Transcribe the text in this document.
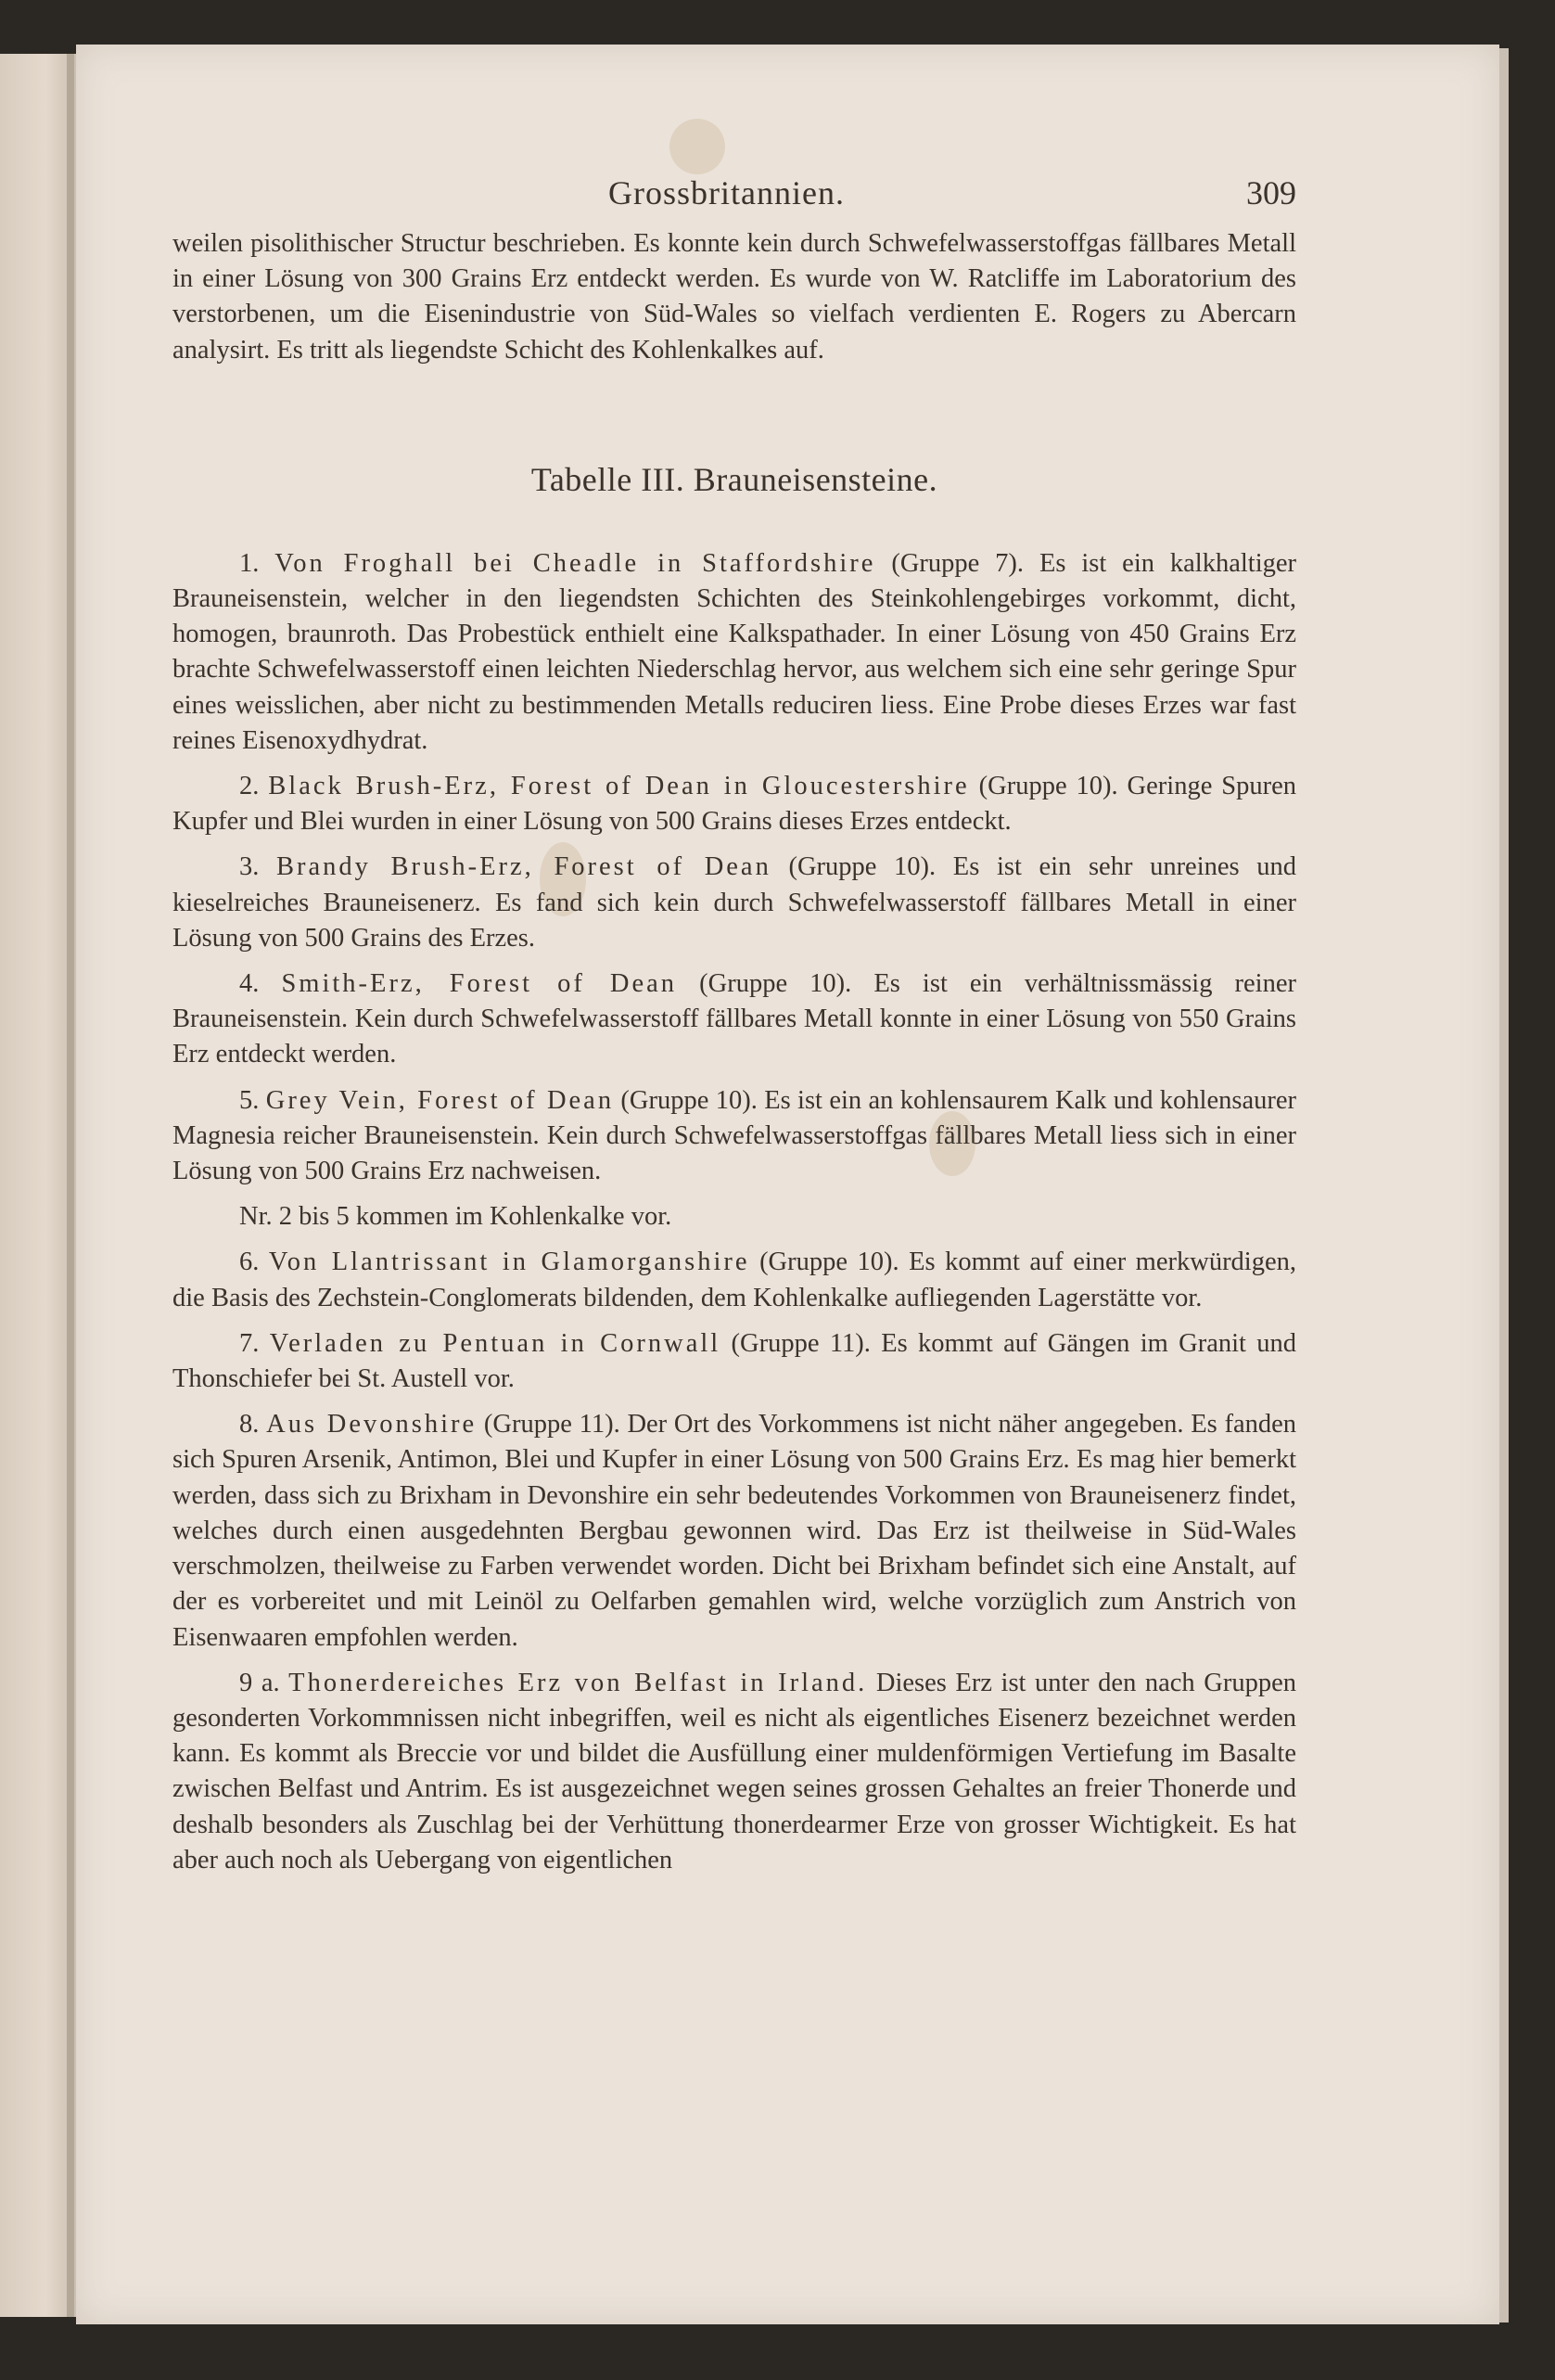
Grossbritannien.	309

weilen pisolithischer Structur beschrieben. Es konnte kein durch Schwefelwasserstoffgas fällbares Metall in einer Lösung von 300 Grains Erz entdeckt werden. Es wurde von W. Ratcliffe im Laboratorium des verstorbenen, um die Eisenindustrie von Süd-Wales so vielfach verdienten E. Rogers zu Abercarn analysirt. Es tritt als liegendste Schicht des Kohlenkalkes auf.

Tabelle III. Brauneisensteine.

1. Von Froghall bei Cheadle in Staffordshire (Gruppe 7). Es ist ein kalkhaltiger Brauneisenstein, welcher in den liegendsten Schichten des Steinkohlengebirges vorkommt, dicht, homogen, braunroth. Das Probestück enthielt eine Kalkspathader. In einer Lösung von 450 Grains Erz brachte Schwefelwasserstoff einen leichten Niederschlag hervor, aus welchem sich eine sehr geringe Spur eines weisslichen, aber nicht zu bestimmenden Metalls reduciren liess. Eine Probe dieses Erzes war fast reines Eisenoxydhydrat.

2. Black Brush-Erz, Forest of Dean in Gloucestershire (Gruppe 10). Geringe Spuren Kupfer und Blei wurden in einer Lösung von 500 Grains dieses Erzes entdeckt.

3. Brandy Brush-Erz, Forest of Dean (Gruppe 10). Es ist ein sehr unreines und kieselreiches Brauneisenerz. Es fand sich kein durch Schwefelwasserstoff fällbares Metall in einer Lösung von 500 Grains des Erzes.

4. Smith-Erz, Forest of Dean (Gruppe 10). Es ist ein verhältnissmässig reiner Brauneisenstein. Kein durch Schwefelwasserstoff fällbares Metall konnte in einer Lösung von 550 Grains Erz entdeckt werden.

5. Grey Vein, Forest of Dean (Gruppe 10). Es ist ein an kohlensaurem Kalk und kohlensaurer Magnesia reicher Brauneisenstein. Kein durch Schwefelwasserstoffgas fällbares Metall liess sich in einer Lösung von 500 Grains Erz nachweisen.

Nr. 2 bis 5 kommen im Kohlenkalke vor.

6. Von Llantrissant in Glamorganshire (Gruppe 10). Es kommt auf einer merkwürdigen, die Basis des Zechstein-Conglomerats bildenden, dem Kohlenkalke aufliegenden Lagerstätte vor.

7. Verladen zu Pentuan in Cornwall (Gruppe 11). Es kommt auf Gängen im Granit und Thonschiefer bei St. Austell vor.

8. Aus Devonshire (Gruppe 11). Der Ort des Vorkommens ist nicht näher angegeben. Es fanden sich Spuren Arsenik, Antimon, Blei und Kupfer in einer Lösung von 500 Grains Erz. Es mag hier bemerkt werden, dass sich zu Brixham in Devonshire ein sehr bedeutendes Vorkommen von Brauneisenerz findet, welches durch einen ausgedehnten Bergbau gewonnen wird. Das Erz ist theilweise in Süd-Wales verschmolzen, theilweise zu Farben verwendet worden. Dicht bei Brixham befindet sich eine Anstalt, auf der es vorbereitet und mit Leinöl zu Oelfarben gemahlen wird, welche vorzüglich zum Anstrich von Eisenwaaren empfohlen werden.

9 a. Thonerdereiches Erz von Belfast in Irland. Dieses Erz ist unter den nach Gruppen gesonderten Vorkommnissen nicht inbegriffen, weil es nicht als eigentliches Eisenerz bezeichnet werden kann. Es kommt als Breccie vor und bildet die Ausfüllung einer muldenförmigen Vertiefung im Basalte zwischen Belfast und Antrim. Es ist ausgezeichnet wegen seines grossen Gehaltes an freier Thonerde und deshalb besonders als Zuschlag bei der Verhüttung thonerdearmer Erze von grosser Wichtigkeit. Es hat aber auch noch als Uebergang von eigentlichen
